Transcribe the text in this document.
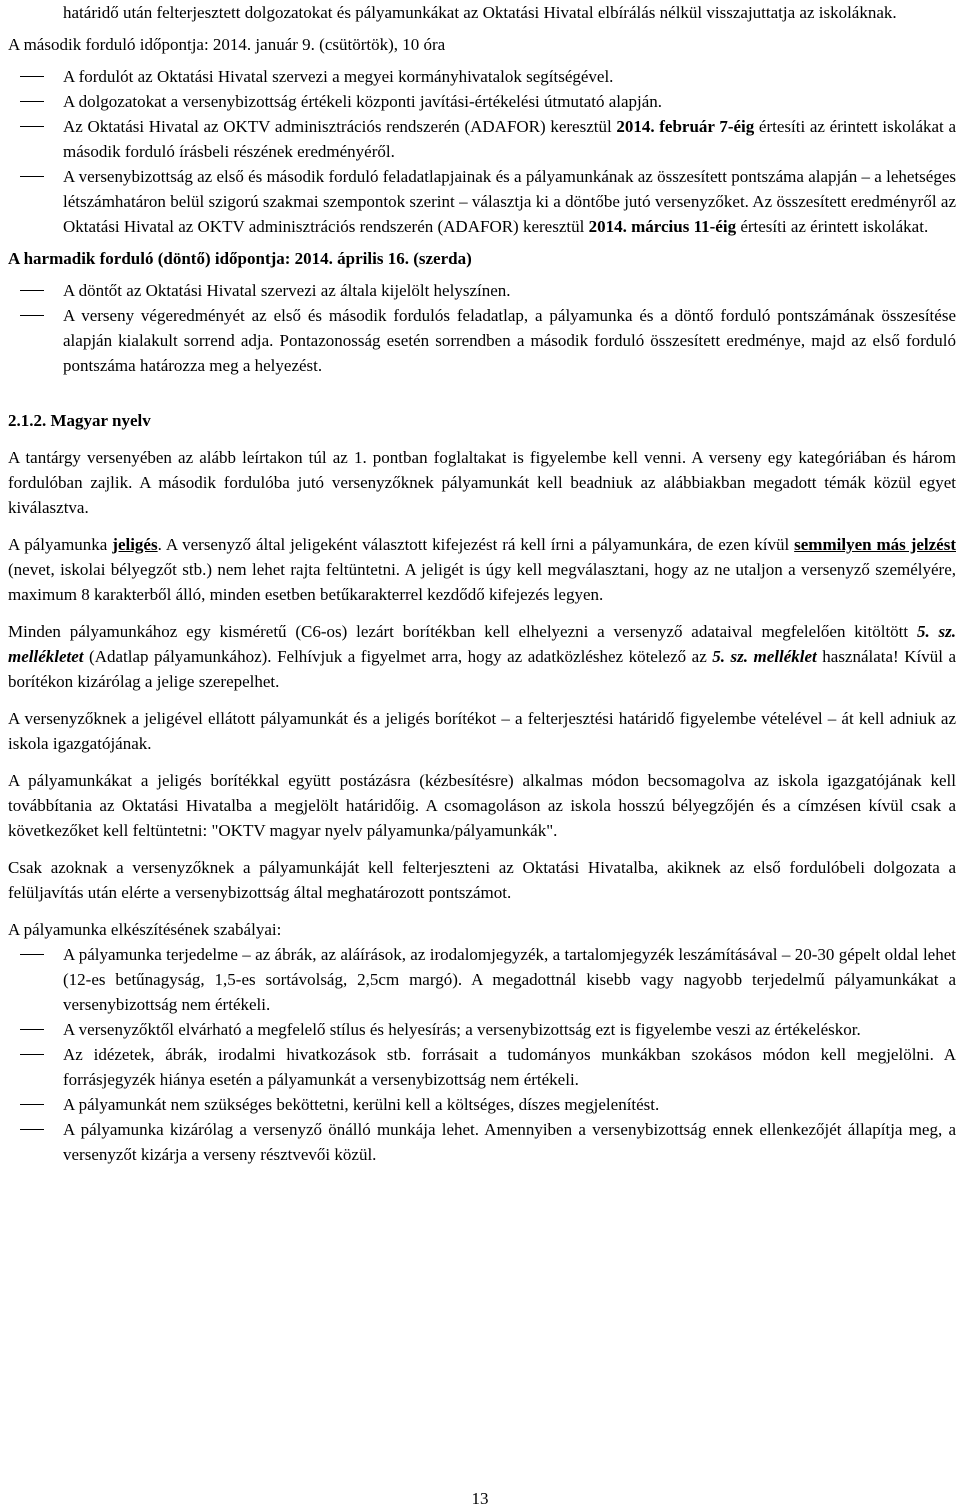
határidő után felterjesztett dolgozatokat és pályamunkákat az Oktatási Hivatal elbírálás nélkül visszajuttatja az iskoláknak.

A második forduló időpontja: 2014. január 9. (csütörtök), 10 óra

A fordulót az Oktatási Hivatal szervezi a megyei kormányhivatalok segítségével.
A dolgozatokat a versenybizottság értékeli központi javítási-értékelési útmutató alapján.
Az Oktatási Hivatal az OKTV adminisztrációs rendszerén (ADAFOR) keresztül 2014. február 7-éig értesíti az érintett iskolákat a második forduló írásbeli részének eredményéről.
A versenybizottság az első és második forduló feladatlapjainak és a pályamunkának az összesített pontszáma alapján – a lehetséges létszámhatáron belül szigorú szakmai szempontok szerint – választja ki a döntőbe jutó versenyzőket. Az összesített eredményről az Oktatási Hivatal az OKTV adminisztrációs rendszerén (ADAFOR) keresztül 2014. március 11-éig értesíti az érintett iskolákat.

A harmadik forduló (döntő) időpontja: 2014. április 16. (szerda)

A döntőt az Oktatási Hivatal szervezi az általa kijelölt helyszínen.
A verseny végeredményét az első és második fordulós feladatlap, a pályamunka és a döntő forduló pontszámának összesítése alapján kialakult sorrend adja. Pontazonosság esetén sorrendben a második forduló összesített eredménye, majd az első forduló pontszáma határozza meg a helyezést.

2.1.2. Magyar nyelv

A tantárgy versenyében az alább leírtakon túl az 1. pontban foglaltakat is figyelembe kell venni. A verseny egy kategóriában és három fordulóban zajlik. A második fordulóba jutó versenyzőknek pályamunkát kell beadniuk az alábbiakban megadott témák közül egyet kiválasztva.

A pályamunka jeligés. A versenyző által jeligeként választott kifejezést rá kell írni a pályamunkára, de ezen kívül semmilyen más jelzést (nevet, iskolai bélyegzőt stb.) nem lehet rajta feltüntetni. A jeligét is úgy kell megválasztani, hogy az ne utaljon a versenyző személyére, maximum 8 karakterből álló, minden esetben betűkarakterrel kezdődő kifejezés legyen.

Minden pályamunkához egy kisméretű (C6-os) lezárt borítékban kell elhelyezni a versenyző adataival megfelelően kitöltött 5. sz. mellékletet (Adatlap pályamunkához). Felhívjuk a figyelmet arra, hogy az adatközléshez kötelező az 5. sz. melléklet használata! Kívül a borítékon kizárólag a jelige szerepelhet.

A versenyzőknek a jeligével ellátott pályamunkát és a jeligés borítékot – a felterjesztési határidő figyelembe vételével – át kell adniuk az iskola igazgatójának.

A pályamunkákat a jeligés borítékkal együtt postázásra (kézbesítésre) alkalmas módon becsomagolva az iskola igazgatójának kell továbbítania az Oktatási Hivatalba a megjelölt határidőig. A csomagoláson az iskola hosszú bélyegzőjén és a címzésen kívül csak a következőket kell feltüntetni: "OKTV magyar nyelv pályamunka/pályamunkák".

Csak azoknak a versenyzőknek a pályamunkáját kell felterjeszteni az Oktatási Hivatalba, akiknek az első fordulóbeli dolgozata a felüljavítás után elérte a versenybizottság által meghatározott pontszámot.

A pályamunka elkészítésének szabályai:

A pályamunka terjedelme – az ábrák, az aláírások, az irodalomjegyzék, a tartalomjegyzék leszámításával – 20-30 gépelt oldal lehet (12-es betűnagyság, 1,5-es sortávolság, 2,5cm margó). A megadottnál kisebb vagy nagyobb terjedelmű pályamunkákat a versenybizottság nem értékeli.
A versenyzőktől elvárható a megfelelő stílus és helyesírás; a versenybizottság ezt is figyelembe veszi az értékeléskor.
Az idézetek, ábrák, irodalmi hivatkozások stb. forrásait a tudományos munkákban szokásos módon kell megjelölni. A forrásjegyzék hiánya esetén a pályamunkát a versenybizottság nem értékeli.
A pályamunkát nem szükséges beköttetni, kerülni kell a költséges, díszes megjelenítést.
A pályamunka kizárólag a versenyző önálló munkája lehet. Amennyiben a versenybizottság ennek ellenkezőjét állapítja meg, a versenyzőt kizárja a verseny résztvevői közül.
13
